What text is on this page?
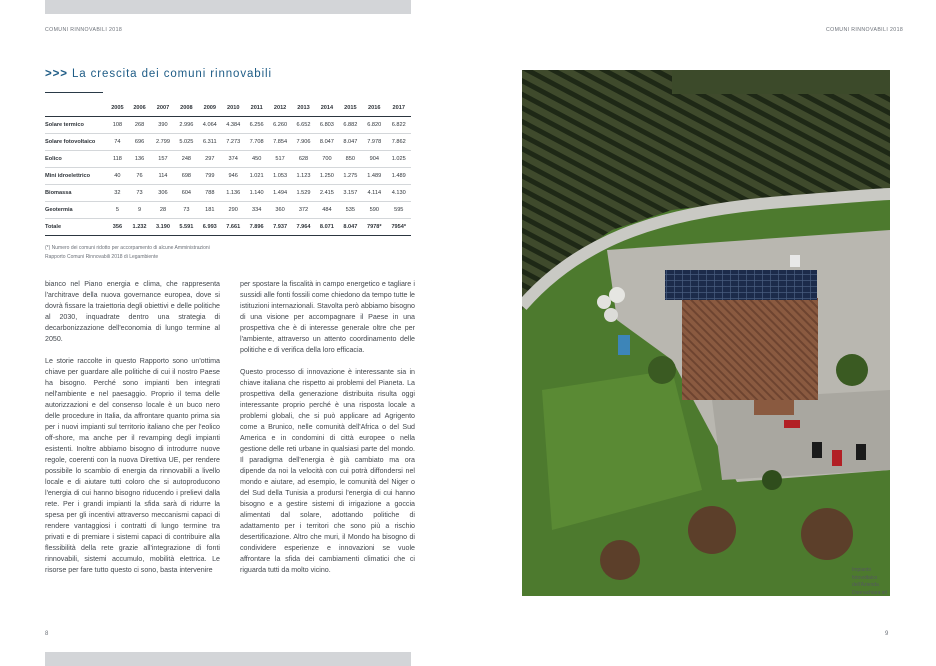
COMUNI RINNOVABILI 2018	COMUNI RINNOVABILI 2018
>>> La crescita dei comuni rinnovabili
	2005	2006	2007	2008	2009	2010	2011	2012	2013	2014	2015	2016	2017
Solare termico	108	268	390	2.996	4.064	4.384	6.256	6.260	6.652	6.803	6.882	6.820	6.822
Solare fotovoltaico	74	696	2.799	5.025	6.311	7.273	7.708	7.854	7.906	8.047	8.047	7.978	7.862
Eolico	118	136	157	248	297	374	450	517	628	700	850	904	1.025
Mini idroelettrico	40	76	114	698	799	946	1.021	1.053	1.123	1.250	1.275	1.489	1.489
Biomassa	32	73	306	604	788	1.136	1.140	1.494	1.529	2.415	3.157	4.114	4.130
Geotermia	5	9	28	73	181	290	334	360	372	484	535	590	595
Totale	356	1.232	3.190	5.591	6.993	7.661	7.896	7.937	7.964	8.071	8.047	7978*	7954*
(*) Numero dei comuni ridotto per accorpamento di alcune Amministrazioni
Rapporto Comuni Rinnovabili 2018 di Legambiente

bianco nel Piano energia e clima, che rappresenta l'architrave della nuova governance europea, dove si dovrà fissare la traiettoria degli obiettivi e delle politiche al 2030, inquadrate dentro una strategia di decarbonizzazione dell'economia di lungo termine al 2050.

Le storie raccolte in questo Rapporto sono un'ottima chiave per guardare alle politiche di cui il nostro Paese ha bisogno. Perché sono impianti ben integrati nell'ambiente e nel paesaggio. Proprio il tema delle autorizzazioni e del consenso locale è un buco nero delle procedure in Italia, da affrontare quanto prima sia per i nuovi impianti sul territorio italiano che per l'eolico off-shore, ma anche per il revamping degli impianti esistenti. Inoltre abbiamo bisogno di introdurre nuove regole, coerenti con la nuova Direttiva UE, per rendere possibile lo scambio di energia da rinnovabili a livello locale e di aiutare tutti coloro che si autoproducono l'energia di cui hanno bisogno riducendo i prelievi dalla rete. Per i grandi impianti la sfida sarà di ridurre la spesa per gli incentivi attraverso meccanismi capaci di rendere vantaggiosi i contratti di lungo termine tra privati e di premiare i sistemi capaci di contribuire alla flessibilità della rete grazie all'integrazione di fonti rinnovabili, sistemi accumulo, mobilità elettrica. Le risorse per fare tutto questo ci sono, basta intervenire

per spostare la fiscalità in campo energetico e tagliare i sussidi alle fonti fossili come chiedono da tempo tutte le istituzioni internazionali. Stavolta però abbiamo bisogno di una visione per accompagnare il Paese in una prospettiva che è di interesse generale oltre che per l'ambiente, attraverso un attento coordinamento delle politiche e di verifica della loro efficacia.

Questo processo di innovazione è interessante sia in chiave italiana che rispetto ai problemi del Pianeta. La prospettiva della generazione distribuita risulta oggi interessante proprio perché è una risposta locale a problemi globali, che si può applicare ad Agrigento come a Brunico, nelle comunità dell'Africa o del Sud America e in condomini di città europee o nella gestione delle reti urbane in qualsiasi parte del mondo. Il paradigma dell'energia è già cambiato ma ora dipende da noi la velocità con cui potrà diffondersi nel mondo e aiutare, ad esempio, le comunità del Niger o del Sud della Tunisia a prodursi l'energia di cui hanno bisogno e a gestire sistemi di irrigazione a goccia alimentati dal solare, adottando politiche di adattamento per i territori che sono più a rischio desertificazione. Altro che muri, il Mondo ha bisogno di condividere esperienze e innovazioni se vuole affrontare la sfida dei cambiamenti climatici che ci riguarda tutti da molto vicino.

8	9
Impianto
fotovoltaico
dell'Azienda
Donnachiara srl
